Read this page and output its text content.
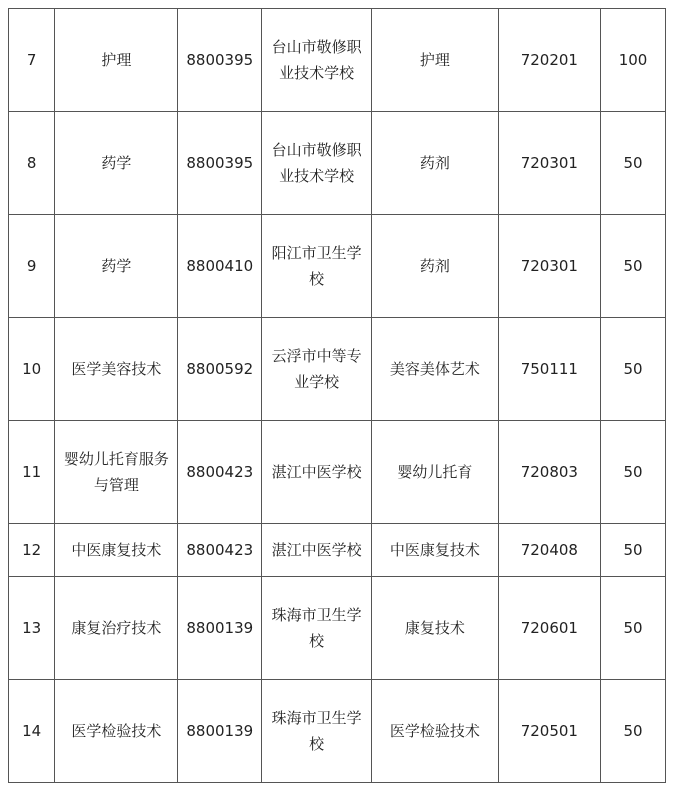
7	护理	8800395	台山市敬修职业技术学校	护理	720201	100
8	药学	8800395	台山市敬修职业技术学校	药剂	720301	50
9	药学	8800410	阳江市卫生学校	药剂	720301	50
10	医学美容技术	8800592	云浮市中等专业学校	美容美体艺术	750111	50
11	婴幼儿托育服务与管理	8800423	湛江中医学校	婴幼儿托育	720803	50
12	中医康复技术	8800423	湛江中医学校	中医康复技术	720408	50
13	康复治疗技术	8800139	珠海市卫生学校	康复技术	720601	50
14	医学检验技术	8800139	珠海市卫生学校	医学检验技术	720501	50
